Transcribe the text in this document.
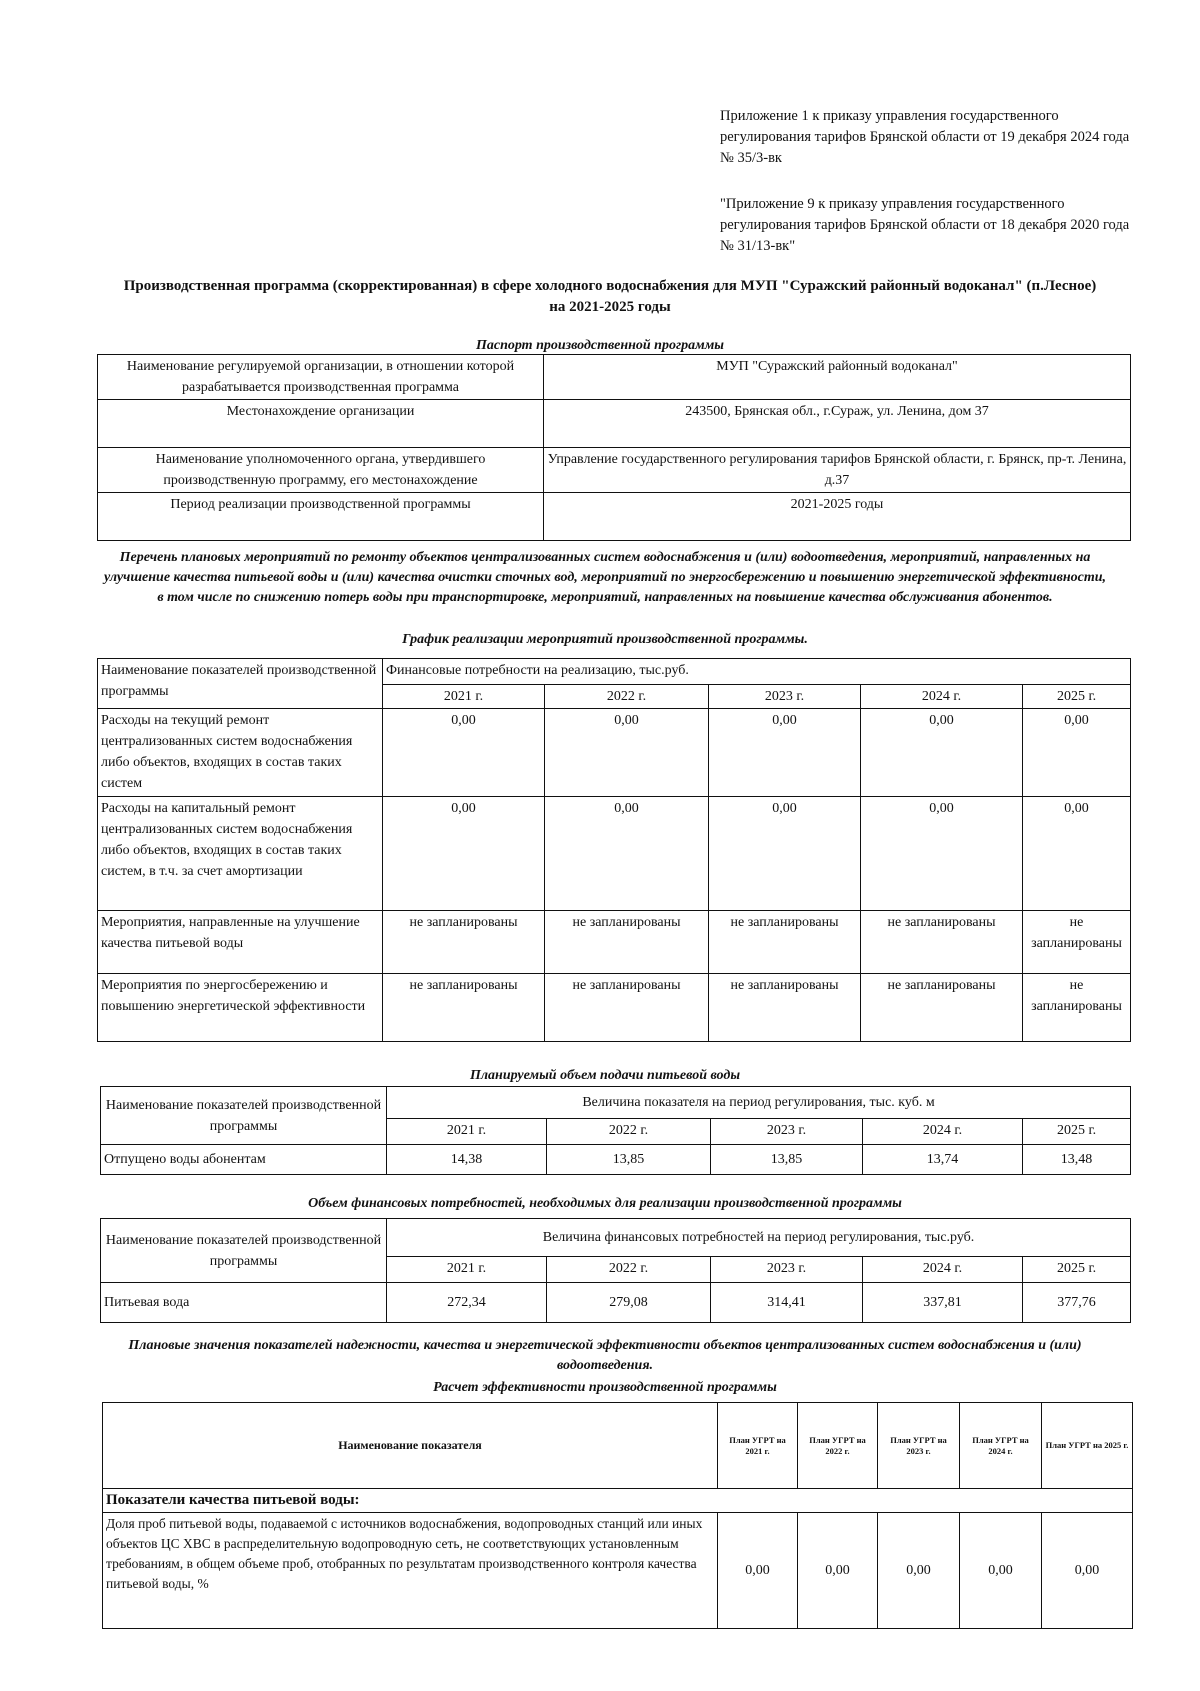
Приложение 1 к приказу управления государственного регулирования тарифов Брянской области от 19 декабря 2024 года № 35/3-вк
"Приложение 9 к приказу управления государственного регулирования тарифов Брянской области от 18 декабря 2020 года № 31/13-вк"
Производственная программа (скорректированная) в сфере холодного водоснабжения для МУП "Суражский районный водоканал" (п.Лесное) на 2021-2025 годы
Паспорт производственной программы
Наименование регулируемой организации, в отношении которой разрабатывается производственная программа	МУП "Суражский районный водоканал"
Местонахождение организации	243500, Брянская обл., г.Сураж, ул. Ленина, дом 37
Наименование уполномоченного органа, утвердившего производственную программу, его местонахождение	Управление государственного регулирования тарифов Брянской области, г. Брянск, пр-т. Ленина, д.37
Период реализации производственной программы	2021-2025 годы
Перечень плановых мероприятий по ремонту объектов централизованных систем водоснабжения и (или) водоотведения, мероприятий, направленных на улучшение качества питьевой воды и (или) качества очистки сточных вод, мероприятий по энергосбережению и повышению энергетической эффективности, в том числе по снижению потерь воды при транспортировке, мероприятий, направленных на повышение качества обслуживания абонентов.
График реализации мероприятий производственной программы.
Наименование показателей производственной программы	Финансовые потребности на реализацию, тыс.руб.				
	2021 г.	2022 г.	2023 г.	2024 г.	2025 г.
Расходы на текущий ремонт централизованных систем водоснабжения либо объектов, входящих в состав таких систем	0,00	0,00	0,00	0,00	0,00
Расходы на капитальный ремонт централизованных систем водоснабжения либо объектов, входящих в состав таких систем, в т.ч. за счет амортизации	0,00	0,00	0,00	0,00	0,00
Мероприятия, направленные на улучшение качества питьевой воды	не запланированы	не запланированы	не запланированы	не запланированы	не запланированы
Мероприятия по энергосбережению и повышению энергетической эффективности	не запланированы	не запланированы	не запланированы	не запланированы	не запланированы
Планируемый объем подачи питьевой воды
Наименование показателей производственной программы	Величина показателя на период регулирования, тыс. куб. м				
	2021 г.	2022 г.	2023 г.	2024 г.	2025 г.
Отпущено воды абонентам	14,38	13,85	13,85	13,74	13,48
Объем финансовых потребностей, необходимых для реализации производственной программы
Наименование показателей производственной программы	Величина финансовых потребностей на период регулирования, тыс.руб.				
	2021 г.	2022 г.	2023 г.	2024 г.	2025 г.
Питьевая вода	272,34	279,08	314,41	337,81	377,76
Плановые значения показателей надежности, качества и энергетической эффективности объектов централизованных систем водоснабжения и (или) водоотведения.
Расчет эффективности производственной программы
Наименование показателя	План УГРТ на 2021 г.	План УГРТ на 2022 г.	План УГРТ на 2023 г.	План УГРТ на 2024 г.	План УГРТ на 2025 г.
Показатели качества питьевой воды:					
Доля проб питьевой воды, подаваемой с источников водоснабжения, водопроводных станций или иных объектов ЦС ХВС в распределительную водопроводную сеть, не соответствующих установленным требованиям, в общем объеме проб, отобранных по результатам производственного контроля качества питьевой воды, %	0,00	0,00	0,00	0,00	0,00
